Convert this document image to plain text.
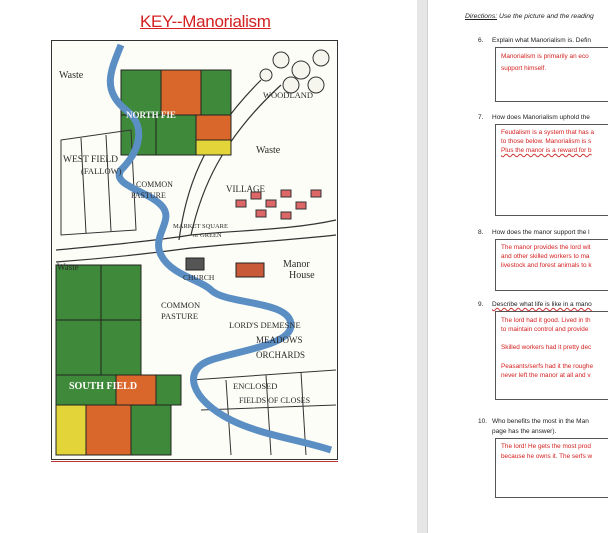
KEY--Manorialism
Waste
NORTH FIE
WOODLAND
Waste
WEST FIELD
(FALLOW)
COMMON
PASTURE
VILLAGE
MARKET SQUARE
or GREEN
Waste
CHURCH
Manor
House
COMMON
PASTURE
LORD'S DEMESNE
MEADOWS
ORCHARDS
SOUTH FIELD	ENCLOSED
FIELDS OF CLOSES
Directions: Use the picture and the reading
6. Explain what Manorialism is. Defin
Manorialism is primarily an eco
support himself.
7. How does Manorialism uphold the
Feudalism is a system that has a
to those below. Manorialism is s
Plus the manor is a reward for b
8. How does the manor support the l
The manor provides the lord wit
and other skilled workers to ma
livestock and forest animals to k
9. Describe what life is like in a mano
The lord had it good. Lived in th
to maintain control and provide
Skilled workers had it pretty dec
Peasants/serfs had it the roughe
never left the manor at all and v
10. Who benefits the most in the Man
page has the answer).
The lord! He gets the most prod
because he owns it. The serfs w
